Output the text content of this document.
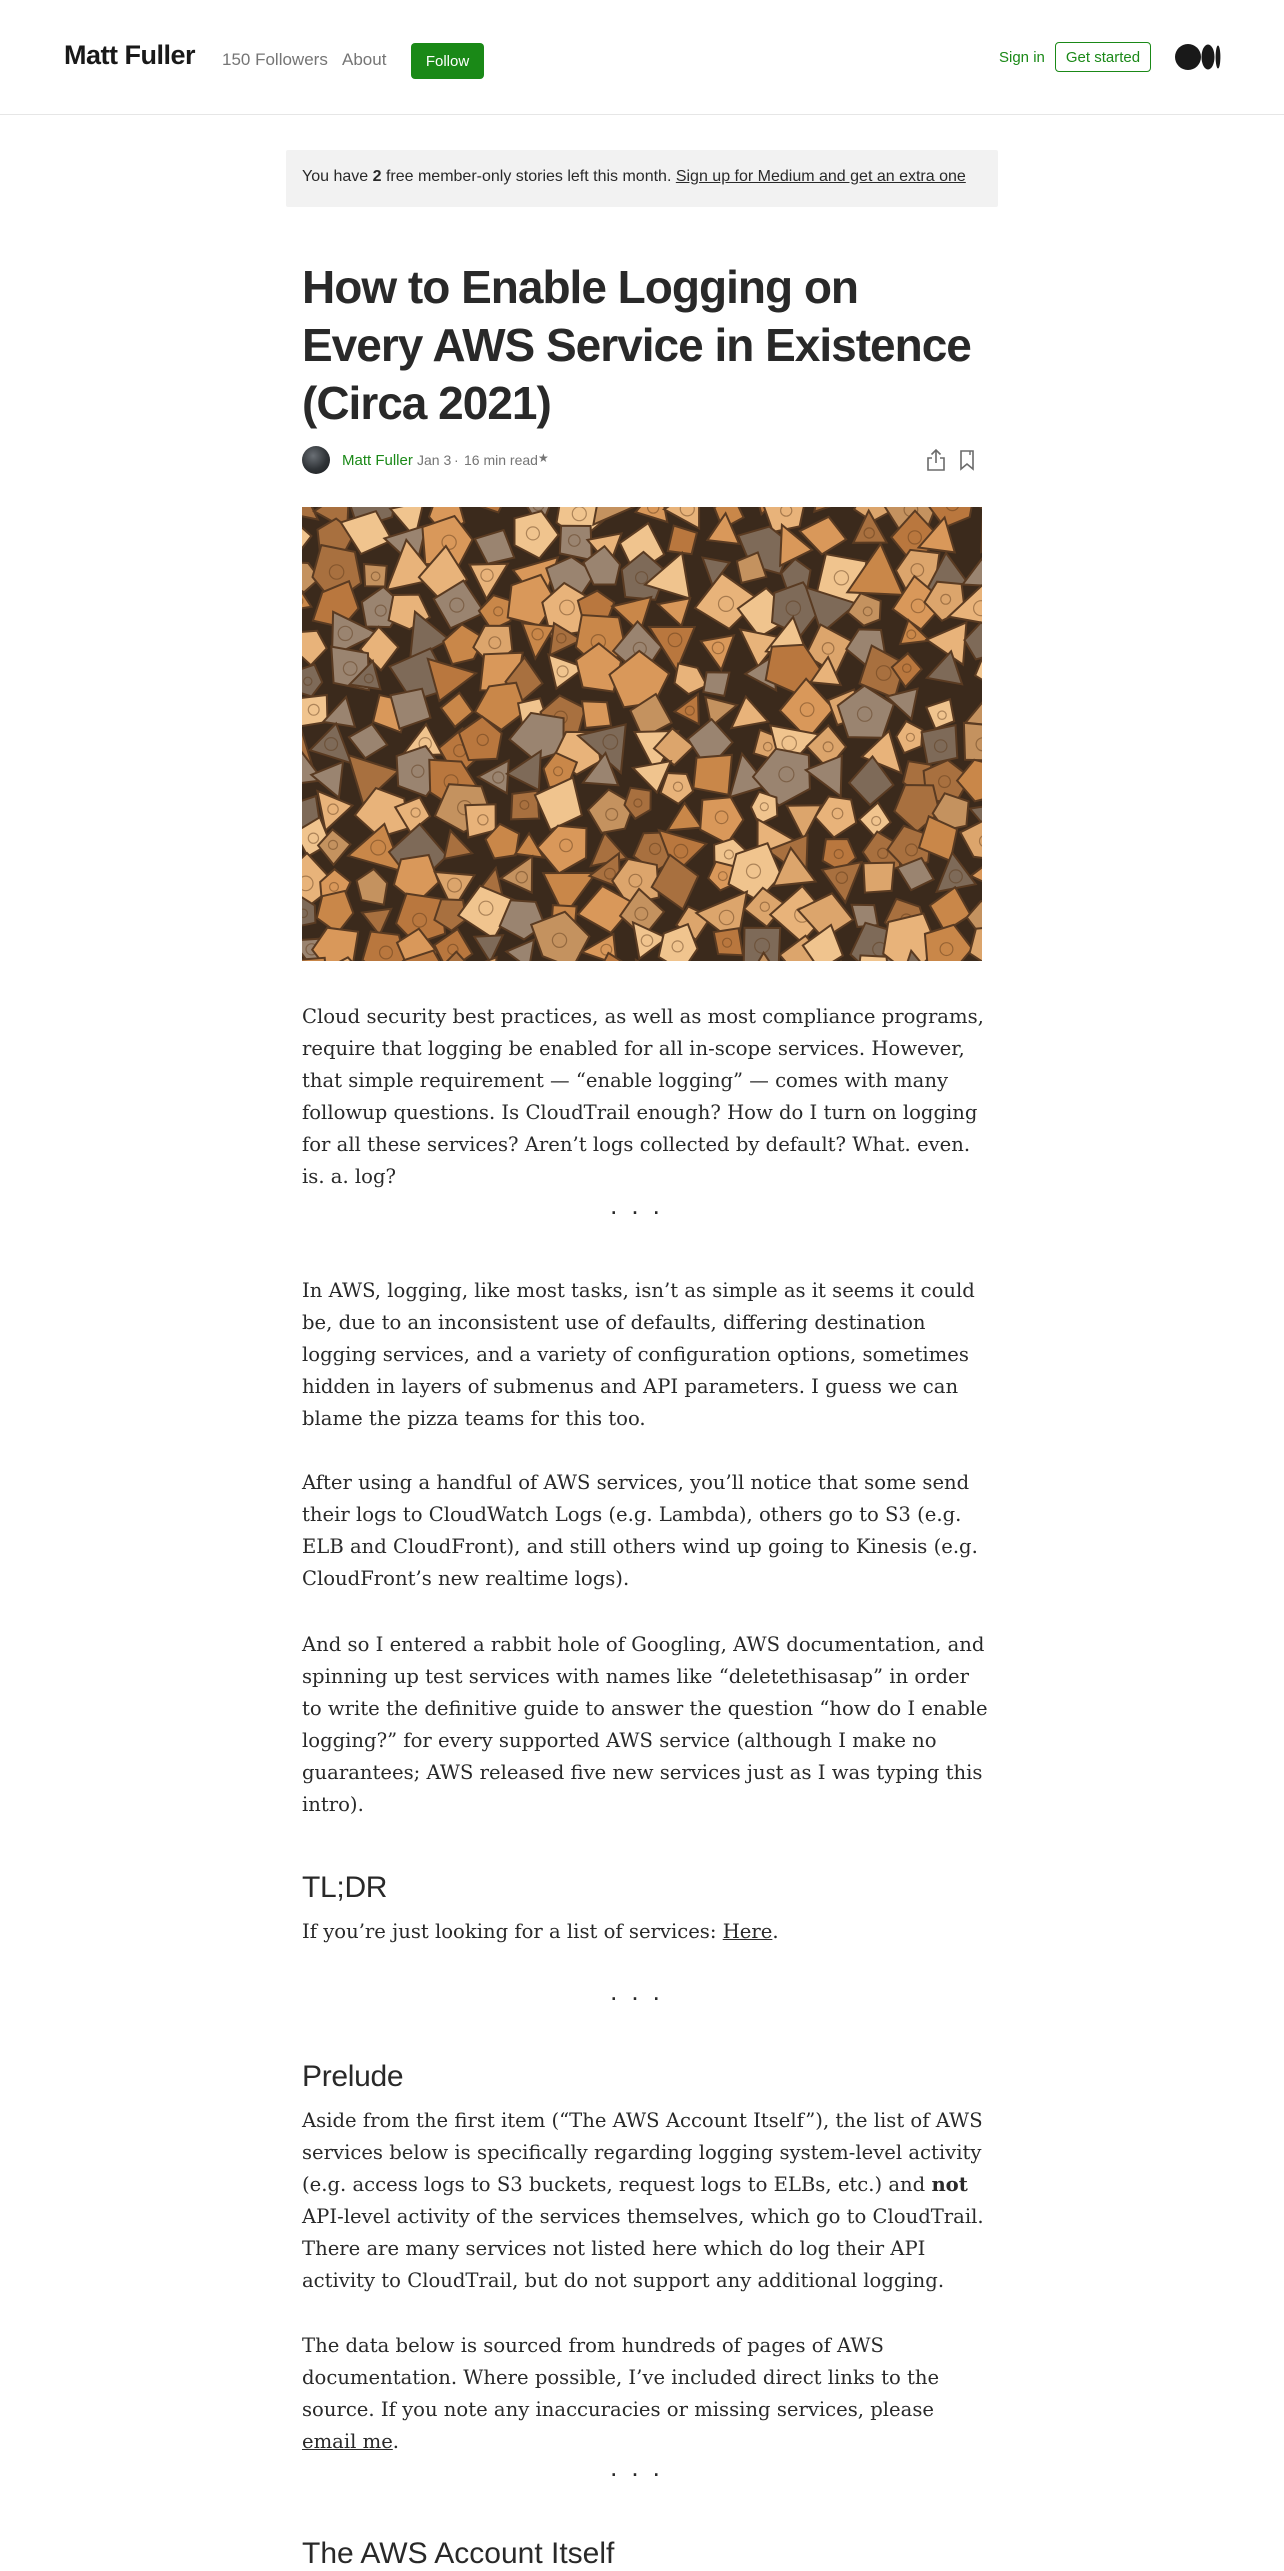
Matt Fuller 150 Followers About	Follow	Sign in	Get started
You have 2 free member-only stories left this month. Sign up for Medium and get an extra one
How to Enable Logging on Every AWS Service in Existence (Circa 2021)
Matt Fuller Jan 3 · 16 min read ★

Cloud security best practices, as well as most compliance programs, require that logging be enabled for all in-scope services. However, that simple requirement — “enable logging” — comes with many followup questions. Is CloudTrail enough? How do I turn on logging for all these services? Aren’t logs collected by default? What. even. is. a. log?

...

In AWS, logging, like most tasks, isn’t as simple as it seems it could be, due to an inconsistent use of defaults, differing destination logging services, and a variety of configuration options, sometimes hidden in layers of submenus and API parameters. I guess we can blame the pizza teams for this too.

After using a handful of AWS services, you’ll notice that some send their logs to CloudWatch Logs (e.g. Lambda), others go to S3 (e.g. ELB and CloudFront), and still others wind up going to Kinesis (e.g. CloudFront’s new realtime logs).

And so I entered a rabbit hole of Googling, AWS documentation, and spinning up test services with names like “deletethisasap” in order to write the definitive guide to answer the question “how do I enable logging?” for every supported AWS service (although I make no guarantees; AWS released five new services just as I was typing this intro).

TL;DR

If you’re just looking for a list of services: Here.

...
Prelude

Aside from the first item (“The AWS Account Itself”), the list of AWS services below is specifically regarding logging system-level activity (e.g. access logs to S3 buckets, request logs to ELBs, etc.) and not API-level activity of the services themselves, which go to CloudTrail. There are many services not listed here which do log their API activity to CloudTrail, but do not support any additional logging.

The data below is sourced from hundreds of pages of AWS documentation. Where possible, I’ve included direct links to the source. If you note any inaccuracies or missing services, please email me.

...
The AWS Account Itself
